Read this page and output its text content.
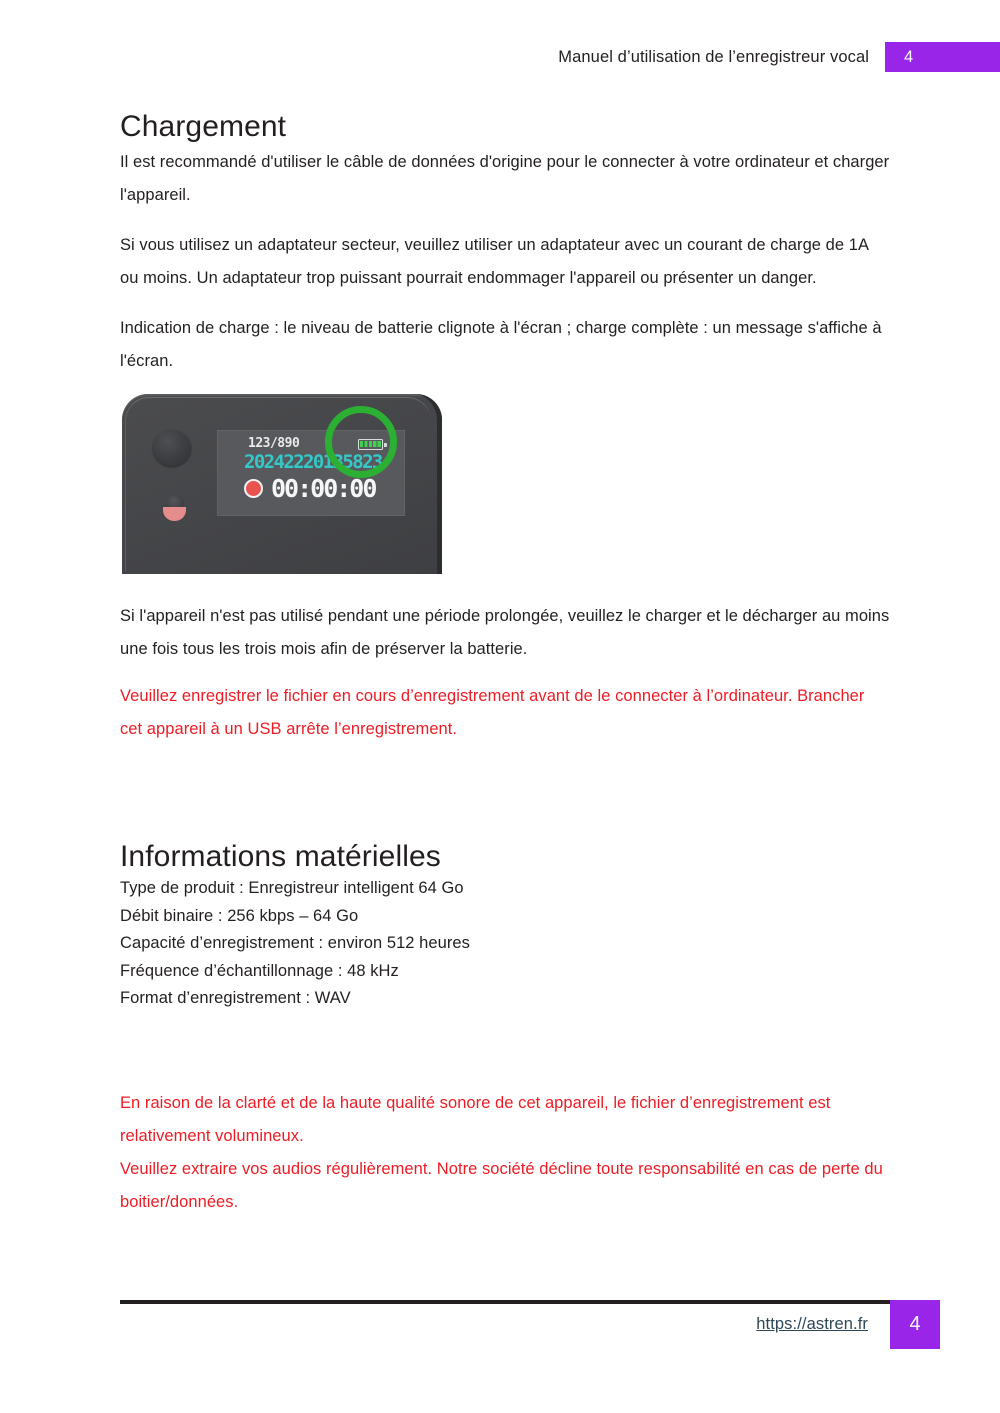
Manuel d’utilisation de l’enregistreur vocal	4
Chargement

Il est recommandé d'utiliser le câble de données d'origine pour le connecter à votre ordinateur et charger l'appareil.

Si vous utilisez un adaptateur secteur, veuillez utiliser un adaptateur avec un courant de charge de 1A ou moins. Un adaptateur trop puissant pourrait endommager l'appareil ou présenter un danger.

Indication de charge : le niveau de batterie clignote à l'écran ; charge complète : un message s'affiche à l'écran.

123/890
20242220135823
00:00:00

Si l'appareil n'est pas utilisé pendant une période prolongée, veuillez le charger et le décharger au moins une fois tous les trois mois afin de préserver la batterie.

Veuillez enregistrer le fichier en cours d’enregistrement avant de le connecter à l’ordinateur. Brancher cet appareil à un USB arrête l’enregistrement.

Informations matérielles
Type de produit : Enregistreur intelligent 64 Go
Débit binaire : 256 kbps – 64 Go
Capacité d’enregistrement : environ 512 heures
Fréquence d’échantillonnage : 48 kHz
Format d’enregistrement : WAV

En raison de la clarté et de la haute qualité sonore de cet appareil, le fichier d’enregistrement est relativement volumineux.

Veuillez extraire vos audios régulièrement. Notre société décline toute responsabilité en cas de perte du boitier/données.

https://astren.fr	4
